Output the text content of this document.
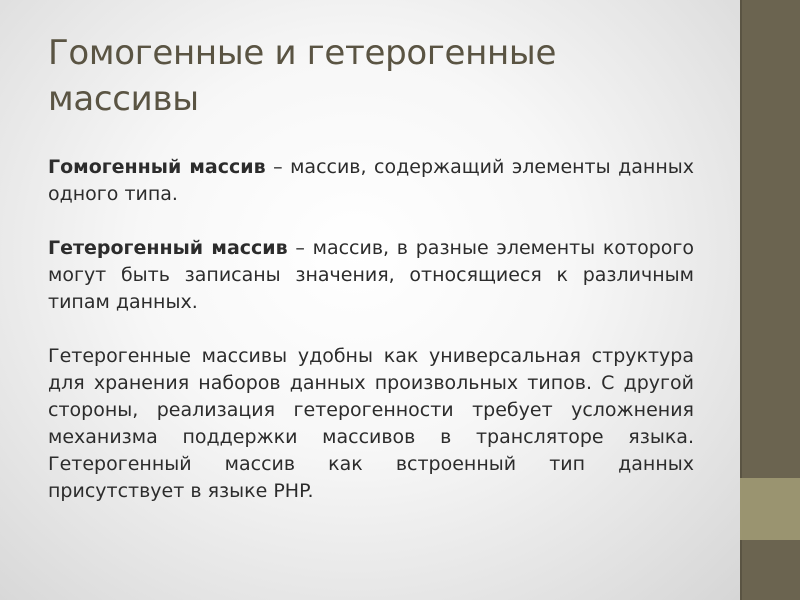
Гомогенные и гетерогенные массивы

Гомогенный массив – массив, содержащий элементы данных одного типа.

Гетерогенный массив – массив, в разные элементы которого могут быть записаны значения, относящиеся к различным типам данных.

Гетерогенные массивы удобны как универсальная структура для хранения наборов данных произвольных типов. С другой стороны, реализация гетерогенности требует усложнения механизма поддержки массивов в трансляторе языка. Гетерогенный массив как встроенный тип данных присутствует в языке PHP.
